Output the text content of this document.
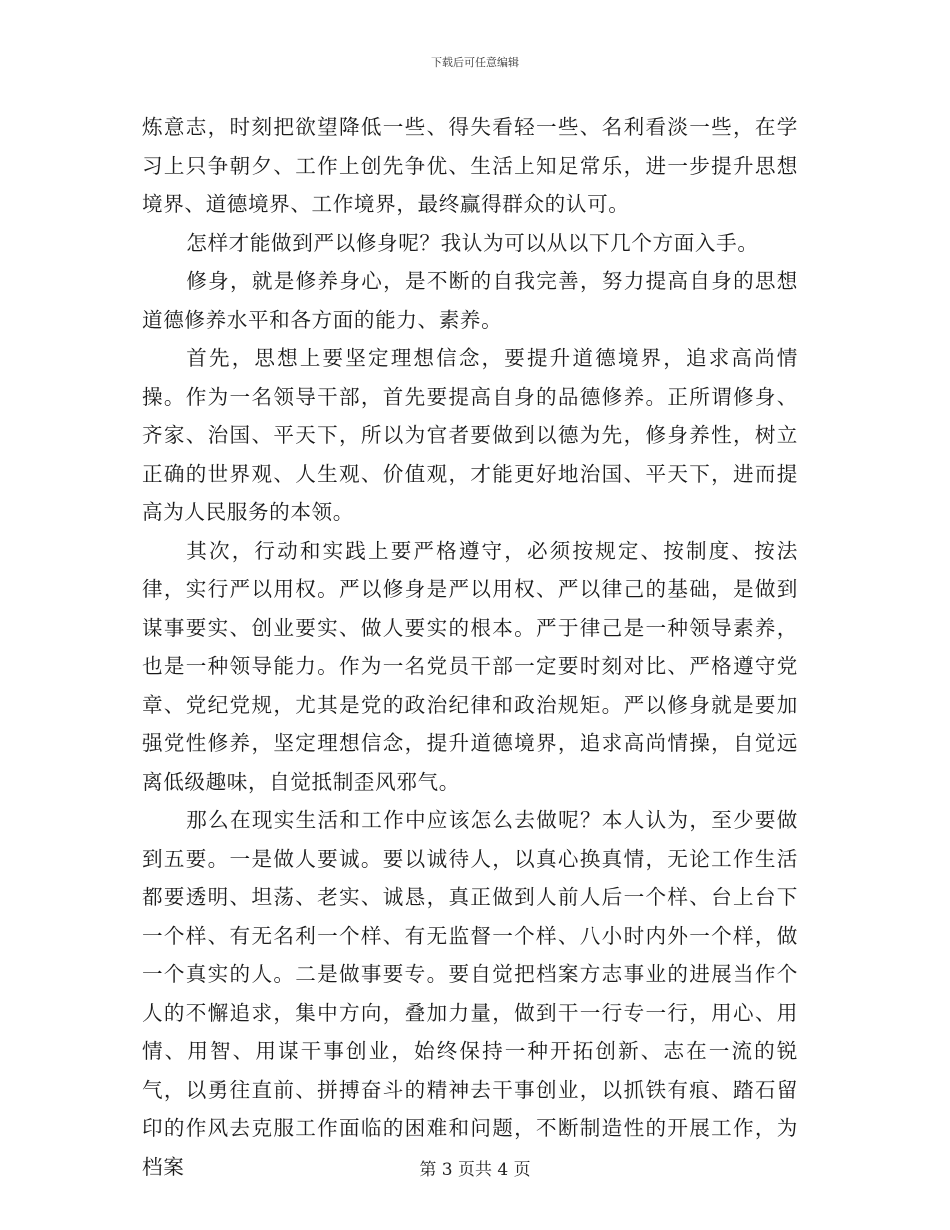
下载后可任意编辑

炼意志，时刻把欲望降低一些、得失看轻一些、名利看淡一些，在学习上只争朝夕、工作上创先争优、生活上知足常乐，进一步提升思想境界、道德境界、工作境界，最终赢得群众的认可。

怎样才能做到严以修身呢？我认为可以从以下几个方面入手。

修身，就是修养身心，是不断的自我完善，努力提高自身的思想道德修养水平和各方面的能力、素养。

首先，思想上要坚定理想信念，要提升道德境界，追求高尚情操。作为一名领导干部，首先要提高自身的品德修养。正所谓修身、齐家、治国、平天下，所以为官者要做到以德为先，修身养性，树立正确的世界观、人生观、价值观，才能更好地治国、平天下，进而提高为人民服务的本领。

其次，行动和实践上要严格遵守，必须按规定、按制度、按法律，实行严以用权。严以修身是严以用权、严以律己的基础，是做到谋事要实、创业要实、做人要实的根本。严于律己是一种领导素养，也是一种领导能力。作为一名党员干部一定要时刻对比、严格遵守党章、党纪党规，尤其是党的政治纪律和政治规矩。严以修身就是要加强党性修养，坚定理想信念，提升道德境界，追求高尚情操，自觉远离低级趣味，自觉抵制歪风邪气。

那么在现实生活和工作中应该怎么去做呢？本人认为，至少要做到五要。一是做人要诚。要以诚待人，以真心换真情，无论工作生活都要透明、坦荡、老实、诚恳，真正做到人前人后一个样、台上台下一个样、有无名利一个样、有无监督一个样、八小时内外一个样，做一个真实的人。二是做事要专。要自觉把档案方志事业的进展当作个人的不懈追求，集中方向，叠加力量，做到干一行专一行，用心、用情、用智、用谋干事创业，始终保持一种开拓创新、志在一流的锐气，以勇往直前、拼搏奋斗的精神去干事创业，以抓铁有痕、踏石留印的作风去克服工作面临的困难和问题，不断制造性的开展工作，为档案	第 3 页共 4 页
